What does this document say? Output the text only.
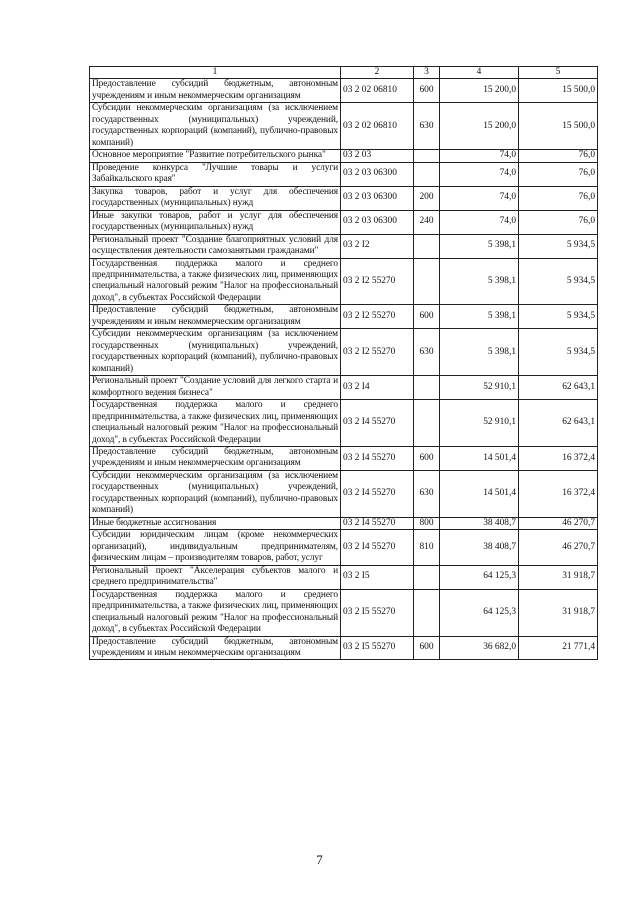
1	2	3	4	5
Предоставление субсидий бюджетным, автономным учреждениям и иным некоммерческим организациям	03 2 02 06810	600	15 200,0	15 500,0
Субсидии некоммерческим организациям (за исключением государственных (муниципальных) учреждений, государственных корпораций (компаний), публично-правовых компаний)	03 2 02 06810	630	15 200,0	15 500,0
Основное мероприятие "Развитие потребительского рынка"	03 2 03		74,0	76,0
Проведение конкурса "Лучшие товары и услуги Забайкальского края"	03 2 03 06300		74,0	76,0
Закупка товаров, работ и услуг для обеспечения государственных (муниципальных) нужд	03 2 03 06300	200	74,0	76,0
Иные закупки товаров, работ и услуг для обеспечения государственных (муниципальных) нужд	03 2 03 06300	240	74,0	76,0
Региональный проект "Создание благоприятных условий для осуществления деятельности самозанятыми гражданами"	03 2 I2		5 398,1	5 934,5
Государственная поддержка малого и среднего предпринимательства, а также физических лиц, применяющих специальный налоговый режим "Налог на профессиональный доход", в субъектах Российской Федерации	03 2 I2 55270		5 398,1	5 934,5
Предоставление субсидий бюджетным, автономным учреждениям и иным некоммерческим организациям	03 2 I2 55270	600	5 398,1	5 934,5
Субсидии некоммерческим организациям (за исключением государственных (муниципальных) учреждений, государственных корпораций (компаний), публично-правовых компаний)	03 2 I2 55270	630	5 398,1	5 934,5
Региональный проект "Создание условий для легкого старта и комфортного ведения бизнеса"	03 2 I4		52 910,1	62 643,1
Государственная поддержка малого и среднего предпринимательства, а также физических лиц, применяющих специальный налоговый режим "Налог на профессиональный доход", в субъектах Российской Федерации	03 2 I4 55270		52 910,1	62 643,1
Предоставление субсидий бюджетным, автономным учреждениям и иным некоммерческим организациям	03 2 I4 55270	600	14 501,4	16 372,4
Субсидии некоммерческим организациям (за исключением государственных (муниципальных) учреждений, государственных корпораций (компаний), публично-правовых компаний)	03 2 I4 55270	630	14 501,4	16 372,4
Иные бюджетные ассигнования	03 2 I4 55270	800	38 408,7	46 270,7
Субсидии юридическим лицам (кроме некоммерческих организаций), индивидуальным предпринимателям, физическим лицам – производителям товаров, работ, услуг	03 2 I4 55270	810	38 408,7	46 270,7
Региональный проект "Акселерация субъектов малого и среднего предпринимательства"	03 2 I5		64 125,3	31 918,7
Государственная поддержка малого и среднего предпринимательства, а также физических лиц, применяющих специальный налоговый режим "Налог на профессиональный доход", в субъектах Российской Федерации	03 2 I5 55270		64 125,3	31 918,7
Предоставление субсидий бюджетным, автономным учреждениям и иным некоммерческим организациям	03 2 I5 55270	600	36 682,0	21 771,4
7
